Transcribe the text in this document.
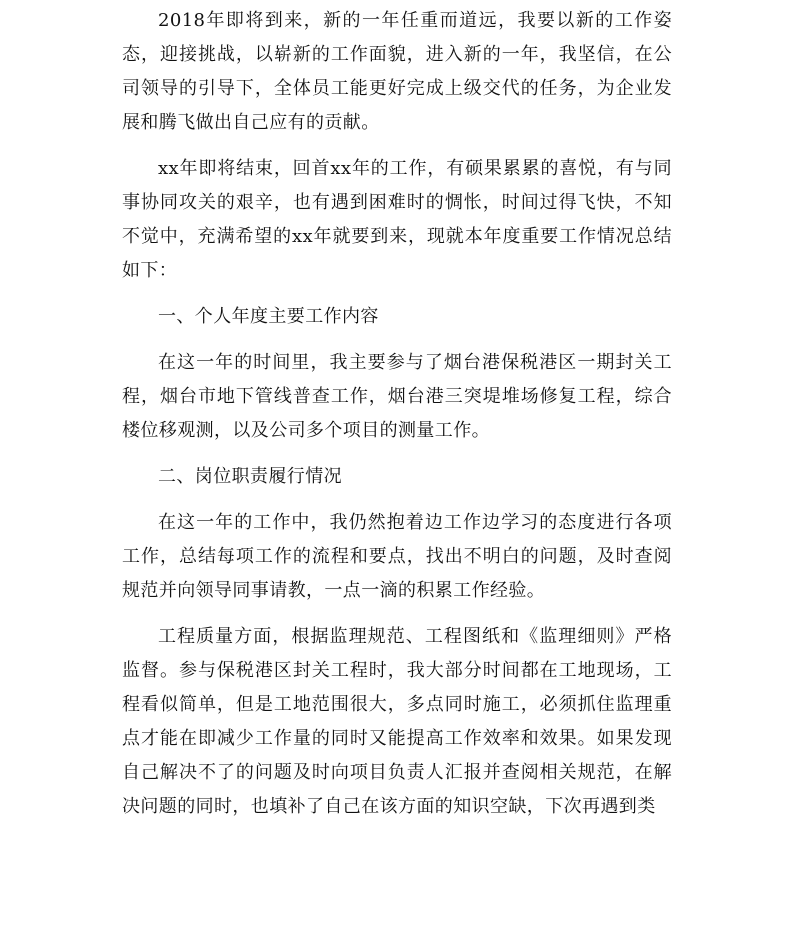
2018年即将到来，新的一年任重而道远，我要以新的工作姿态，迎接挑战，以崭新的工作面貌，进入新的一年，我坚信，在公司领导的引导下，全体员工能更好完成上级交代的任务，为企业发展和腾飞做出自己应有的贡献。

xx年即将结束，回首xx年的工作，有硕果累累的喜悦，有与同事协同攻关的艰辛，也有遇到困难时的惆怅，时间过得飞快，不知不觉中，充满希望的xx年就要到来，现就本年度重要工作情况总结如下：

一、个人年度主要工作内容

在这一年的时间里，我主要参与了烟台港保税港区一期封关工程，烟台市地下管线普查工作，烟台港三突堤堆场修复工程，综合楼位移观测，以及公司多个项目的测量工作。

二、岗位职责履行情况

在这一年的工作中，我仍然抱着边工作边学习的态度进行各项工作，总结每项工作的流程和要点，找出不明白的问题，及时查阅规范并向领导同事请教，一点一滴的积累工作经验。

工程质量方面，根据监理规范、工程图纸和《监理细则》严格监督。参与保税港区封关工程时，我大部分时间都在工地现场，工程看似简单，但是工地范围很大，多点同时施工，必须抓住监理重点才能在即减少工作量的同时又能提高工作效率和效果。如果发现自己解决不了的问题及时向项目负责人汇报并查阅相关规范，在解决问题的同时，也填补了自己在该方面的知识空缺，下次再遇到类
